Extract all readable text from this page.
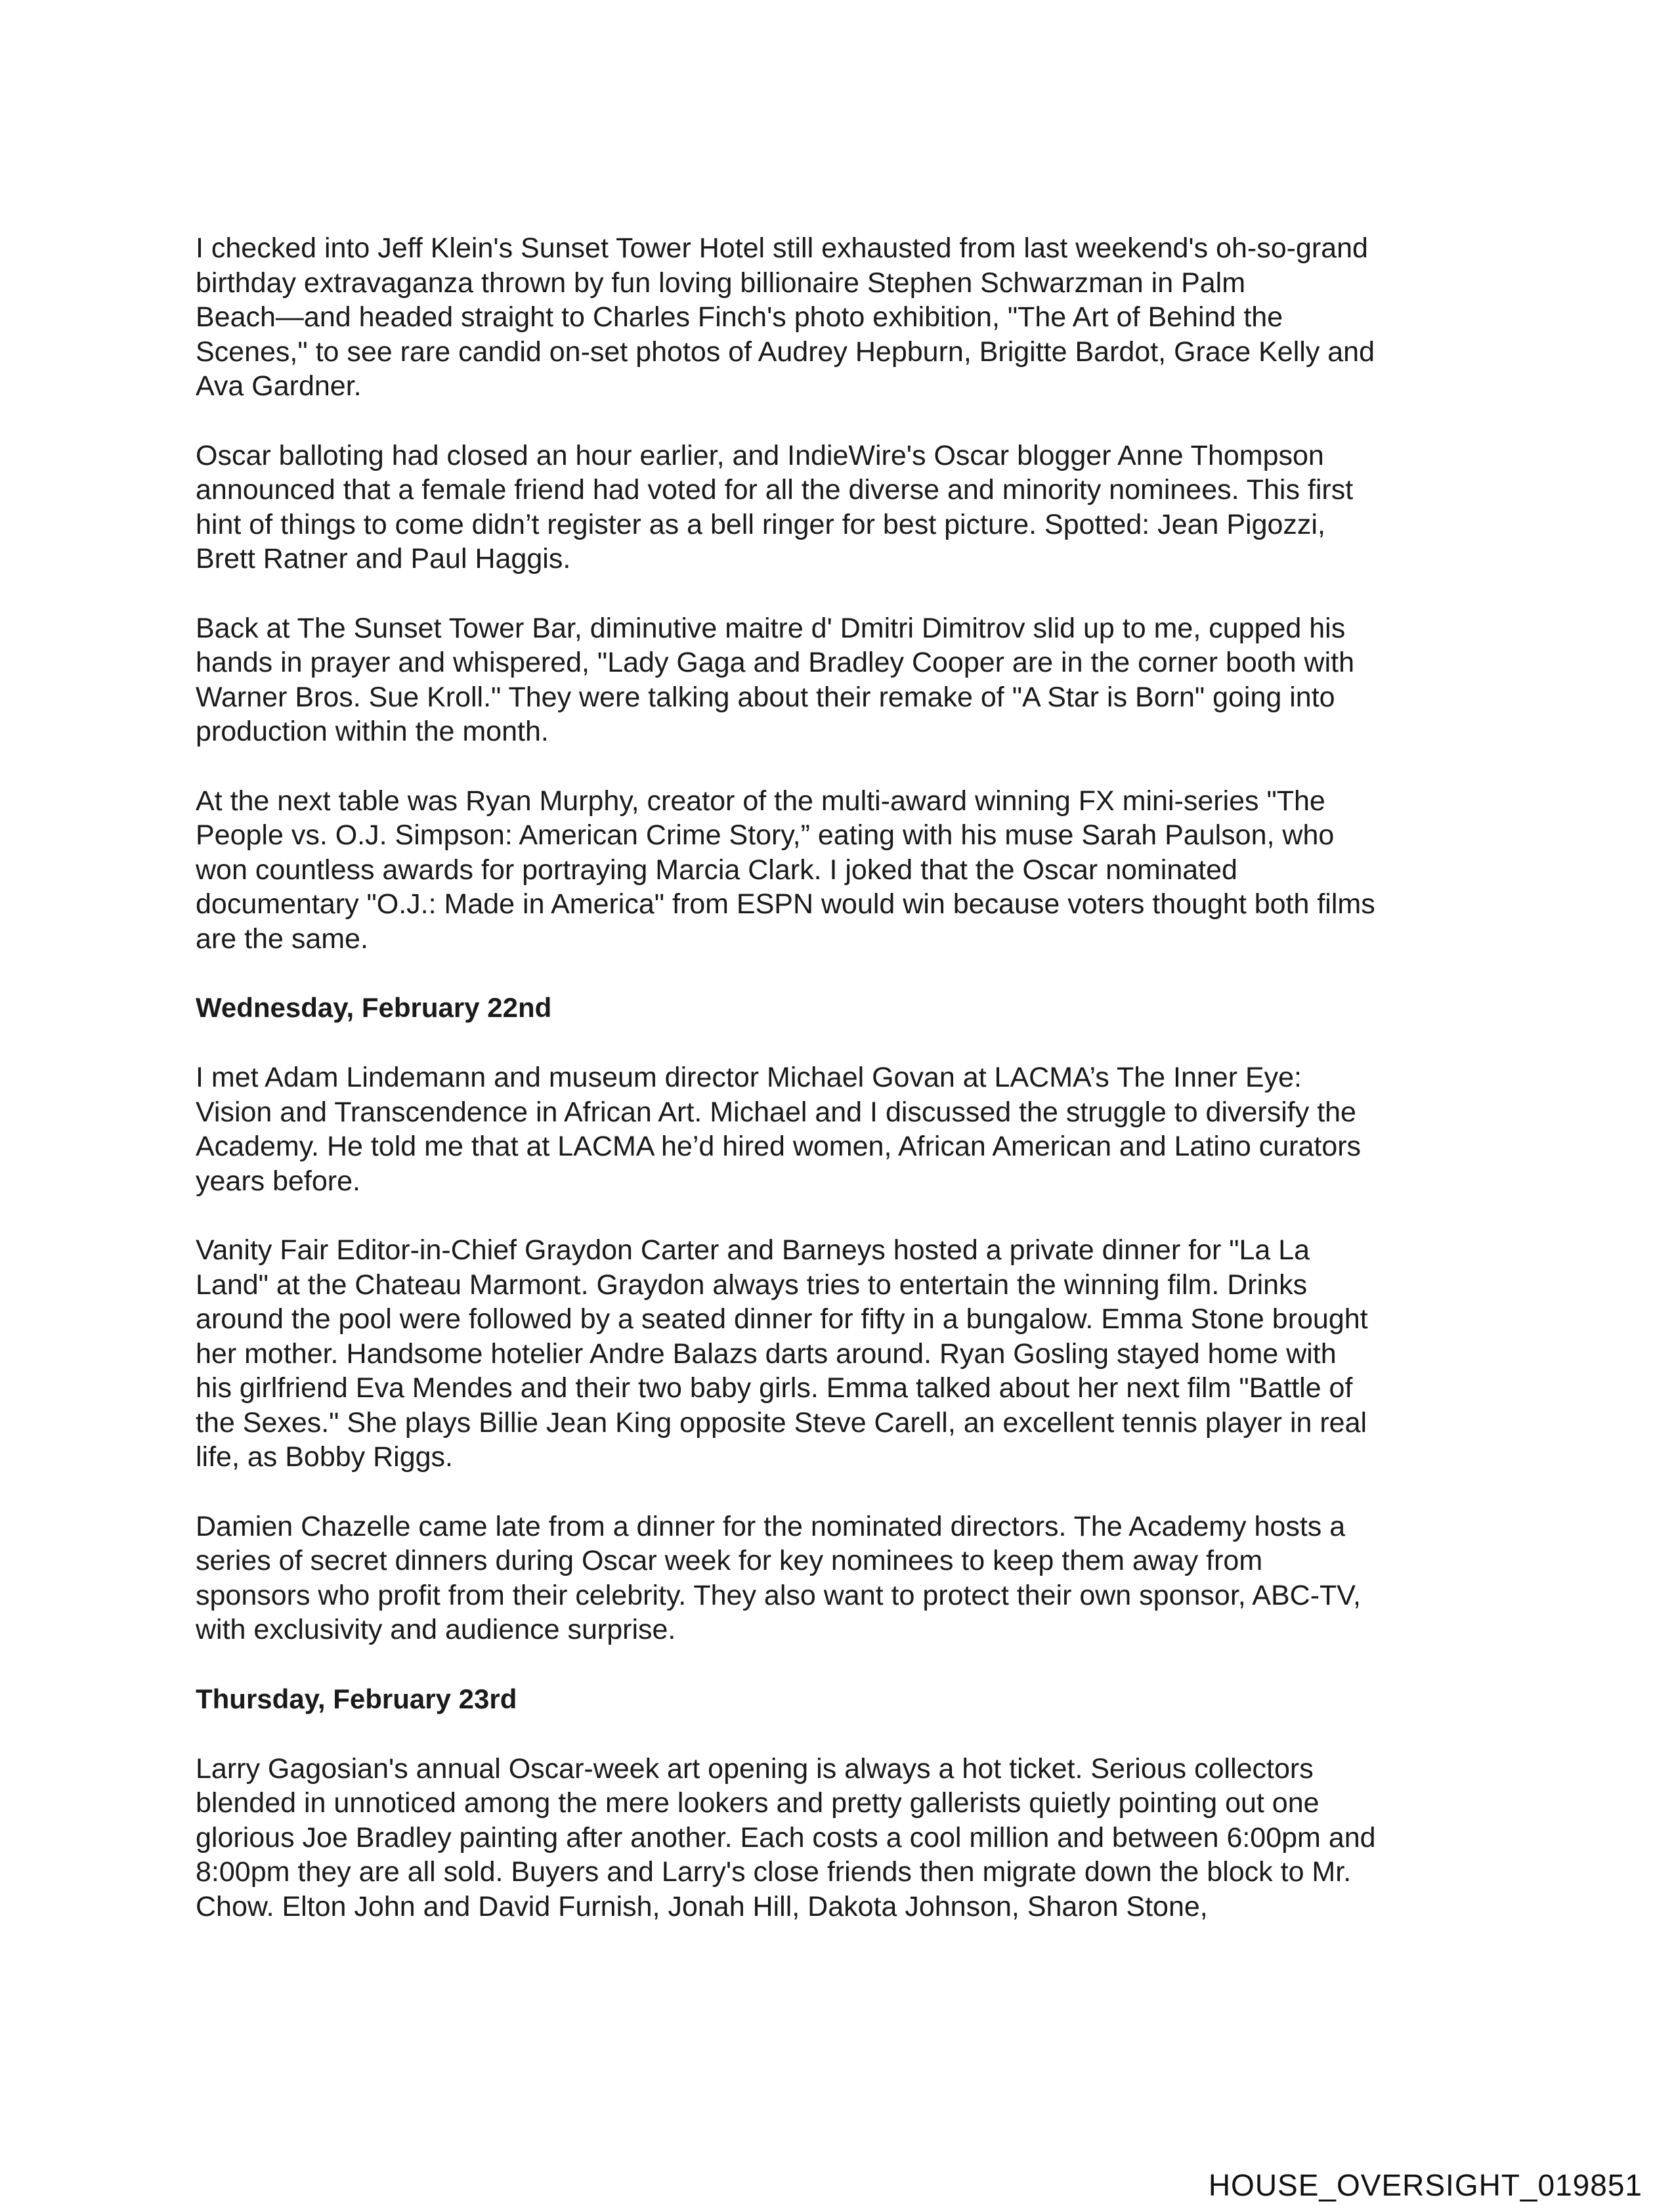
I checked into Jeff Klein's Sunset Tower Hotel still exhausted from last weekend's oh-so-grand
birthday extravaganza thrown by fun loving billionaire Stephen Schwarzman in Palm
Beach—and headed straight to Charles Finch's photo exhibition, "The Art of Behind the
Scenes," to see rare candid on-set photos of Audrey Hepburn, Brigitte Bardot, Grace Kelly and
Ava Gardner.

Oscar balloting had closed an hour earlier, and IndieWire's Oscar blogger Anne Thompson
announced that a female friend had voted for all the diverse and minority nominees. This first
hint of things to come didn’t register as a bell ringer for best picture. Spotted: Jean Pigozzi,
Brett Ratner and Paul Haggis.

Back at The Sunset Tower Bar, diminutive maitre d' Dmitri Dimitrov slid up to me, cupped his
hands in prayer and whispered, "Lady Gaga and Bradley Cooper are in the corner booth with
Warner Bros. Sue Kroll." They were talking about their remake of "A Star is Born" going into
production within the month.

At the next table was Ryan Murphy, creator of the multi-award winning FX mini-series "The
People vs. O.J. Simpson: American Crime Story,” eating with his muse Sarah Paulson, who
won countless awards for portraying Marcia Clark. I joked that the Oscar nominated
documentary "O.J.: Made in America" from ESPN would win because voters thought both films
are the same.

Wednesday, February 22nd

I met Adam Lindemann and museum director Michael Govan at LACMA’s The Inner Eye:
Vision and Transcendence in African Art. Michael and I discussed the struggle to diversify the
Academy. He told me that at LACMA he’d hired women, African American and Latino curators
years before.

Vanity Fair Editor-in-Chief Graydon Carter and Barneys hosted a private dinner for "La La
Land" at the Chateau Marmont. Graydon always tries to entertain the winning film. Drinks
around the pool were followed by a seated dinner for fifty in a bungalow. Emma Stone brought
her mother. Handsome hotelier Andre Balazs darts around. Ryan Gosling stayed home with
his girlfriend Eva Mendes and their two baby girls. Emma talked about her next film "Battle of
the Sexes." She plays Billie Jean King opposite Steve Carell, an excellent tennis player in real
life, as Bobby Riggs.

Damien Chazelle came late from a dinner for the nominated directors. The Academy hosts a
series of secret dinners during Oscar week for key nominees to keep them away from
sponsors who profit from their celebrity. They also want to protect their own sponsor, ABC-TV,
with exclusivity and audience surprise.

Thursday, February 23rd

Larry Gagosian's annual Oscar-week art opening is always a hot ticket. Serious collectors
blended in unnoticed among the mere lookers and pretty gallerists quietly pointing out one
glorious Joe Bradley painting after another. Each costs a cool million and between 6:00pm and
8:00pm they are all sold. Buyers and Larry's close friends then migrate down the block to Mr.
Chow. Elton John and David Furnish, Jonah Hill, Dakota Johnson, Sharon Stone,

HOUSE_OVERSIGHT_019851
